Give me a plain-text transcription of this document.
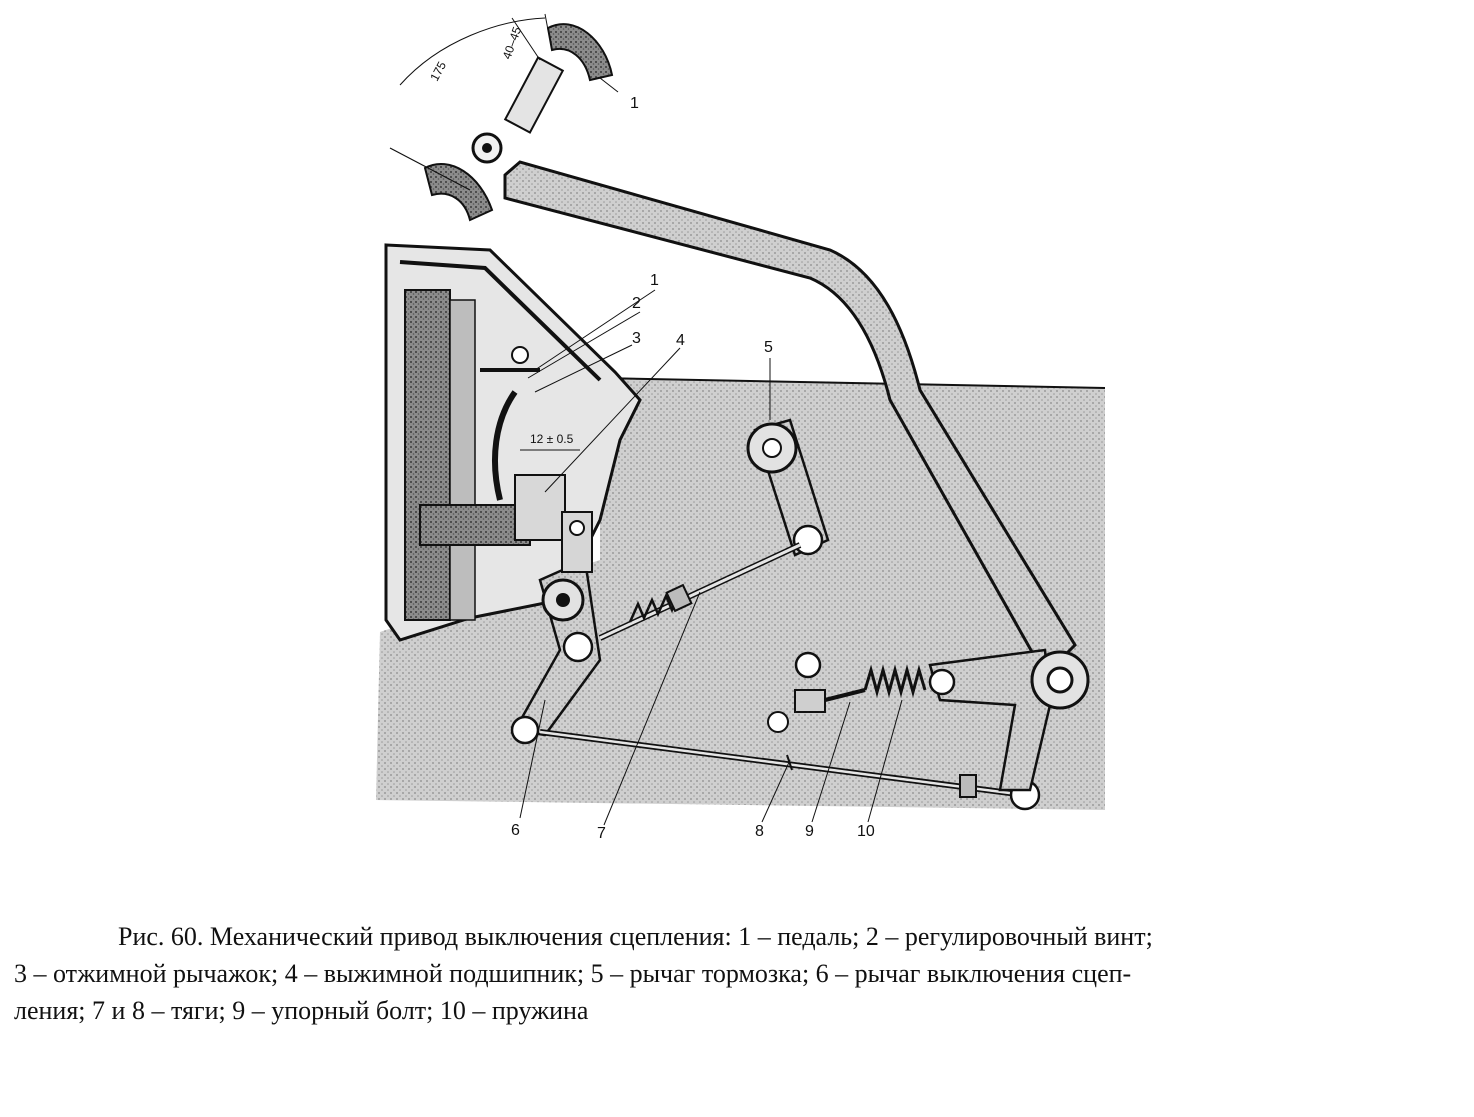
175
40–45
12 ± 0.5
1
1
2
3 4	5
6	7	8	9	10
Рис. 60. Механический привод выключения сцепления: 1 – педаль; 2 – регулировочный винт;
3 – отжимной рычажок; 4 – выжимной подшипник; 5 – рычаг тормозка; 6 – рычаг выключения сцеп-
ления; 7 и 8 – тяги; 9 – упорный болт; 10 – пружина
